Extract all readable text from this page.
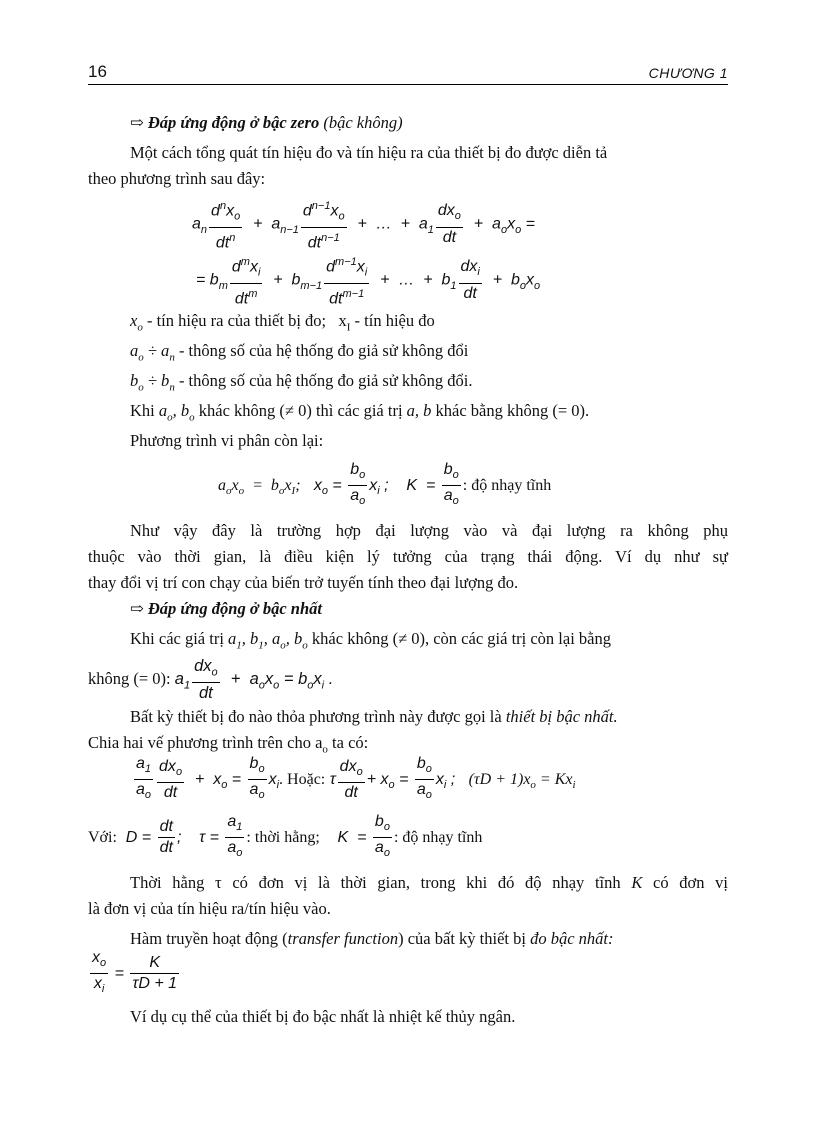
16	CHƯƠNG 1
⇨ Đáp ứng động ở bậc zero (bậc không)
Một cách tổng quát tín hiệu đo và tín hiệu ra của thiết bị đo được diễn tả
theo phương trình sau đây:
$a_n \frac{d^nx_o}{dt^n} + a_{n-1} \frac{d^{n-1}x_o}{dt^{n-1}}$ +  …  +  $a_1 \frac{dx_o}{dt} + a_ox_o$ =
= $b_m \frac{d^mx_i}{dt^m} + b_{m-1} \frac{d^{m-1}x_i}{dt^{m-1}}$ +  …  +  $b_1 \frac{dx_i}{dt} + b_ox_o$
$x_o$ - tín hiệu ra của thiết bị đo;   $x_I$ - tín hiệu đo
$a_o \div a_n$ - thông số của hệ thống đo giả sử không đổi
$b_o \div b_n$ - thông số của hệ thống đo giả sử không đổi.
Khi $a_o$, $b_o$ khác không (≠ 0) thì các giá trị a, b khác bằng không (= 0).
Phương trình vi phân còn lại:
$a_ox_o = b_ox_I$; $x_o = \frac{b_o}{a_o} x_i$ ; $K = \frac{b_o}{a_o}$ : độ nhạy tĩnh
Như vậy đây là trường hợp đại lượng vào và đại lượng ra không phụ
thuộc vào thời gian, là điều kiện lý tưởng của trạng thái động. Ví dụ như sự
thay đổi vị trí con chạy của biến trở tuyến tính theo đại lượng đo.
⇨ Đáp ứng động ở bậc nhất
Khi các giá trị $a_1$, $b_1$, $a_o$, $b_o$ khác không (≠ 0), còn các giá trị còn lại bằng
không (= 0): $a_1 \frac{dx_o}{dt} + a_ox_o = b_ox_i$ .
Bất kỳ thiết bị đo nào thỏa phương trình này được gọi là thiết bị bậc nhất.
Chia hai vế phương trình trên cho $a_o$ ta có:
$\frac{a_1}{a_o} \frac{dx_o}{dt} + x_o = \frac{b_o}{a_o} x_i$. Hoặc: τ $\frac{dx_o}{dt} + x_o = \frac{b_o}{a_o} x_i$ ; $(\tau D + 1)x_o = Kx_i$
Với: $D = \frac{dt}{dt}$ ; $\tau = \frac{a_1}{a_o}$ : thời hằng; $K = \frac{b_o}{a_o}$ : độ nhạy tĩnh
Thời hằng τ có đơn vị là thời gian, trong khi đó độ nhạy tĩnh K có đơn vị
là đơn vị của tín hiệu ra/tín hiệu vào.
Hàm truyền hoạt động (transfer function) của bất kỳ thiết bị đo bậc nhất:
$\frac{x_o}{x_i} = \frac{K}{\tau D + 1}$
Ví dụ cụ thể của thiết bị đo bậc nhất là nhiệt kế thủy ngân.
